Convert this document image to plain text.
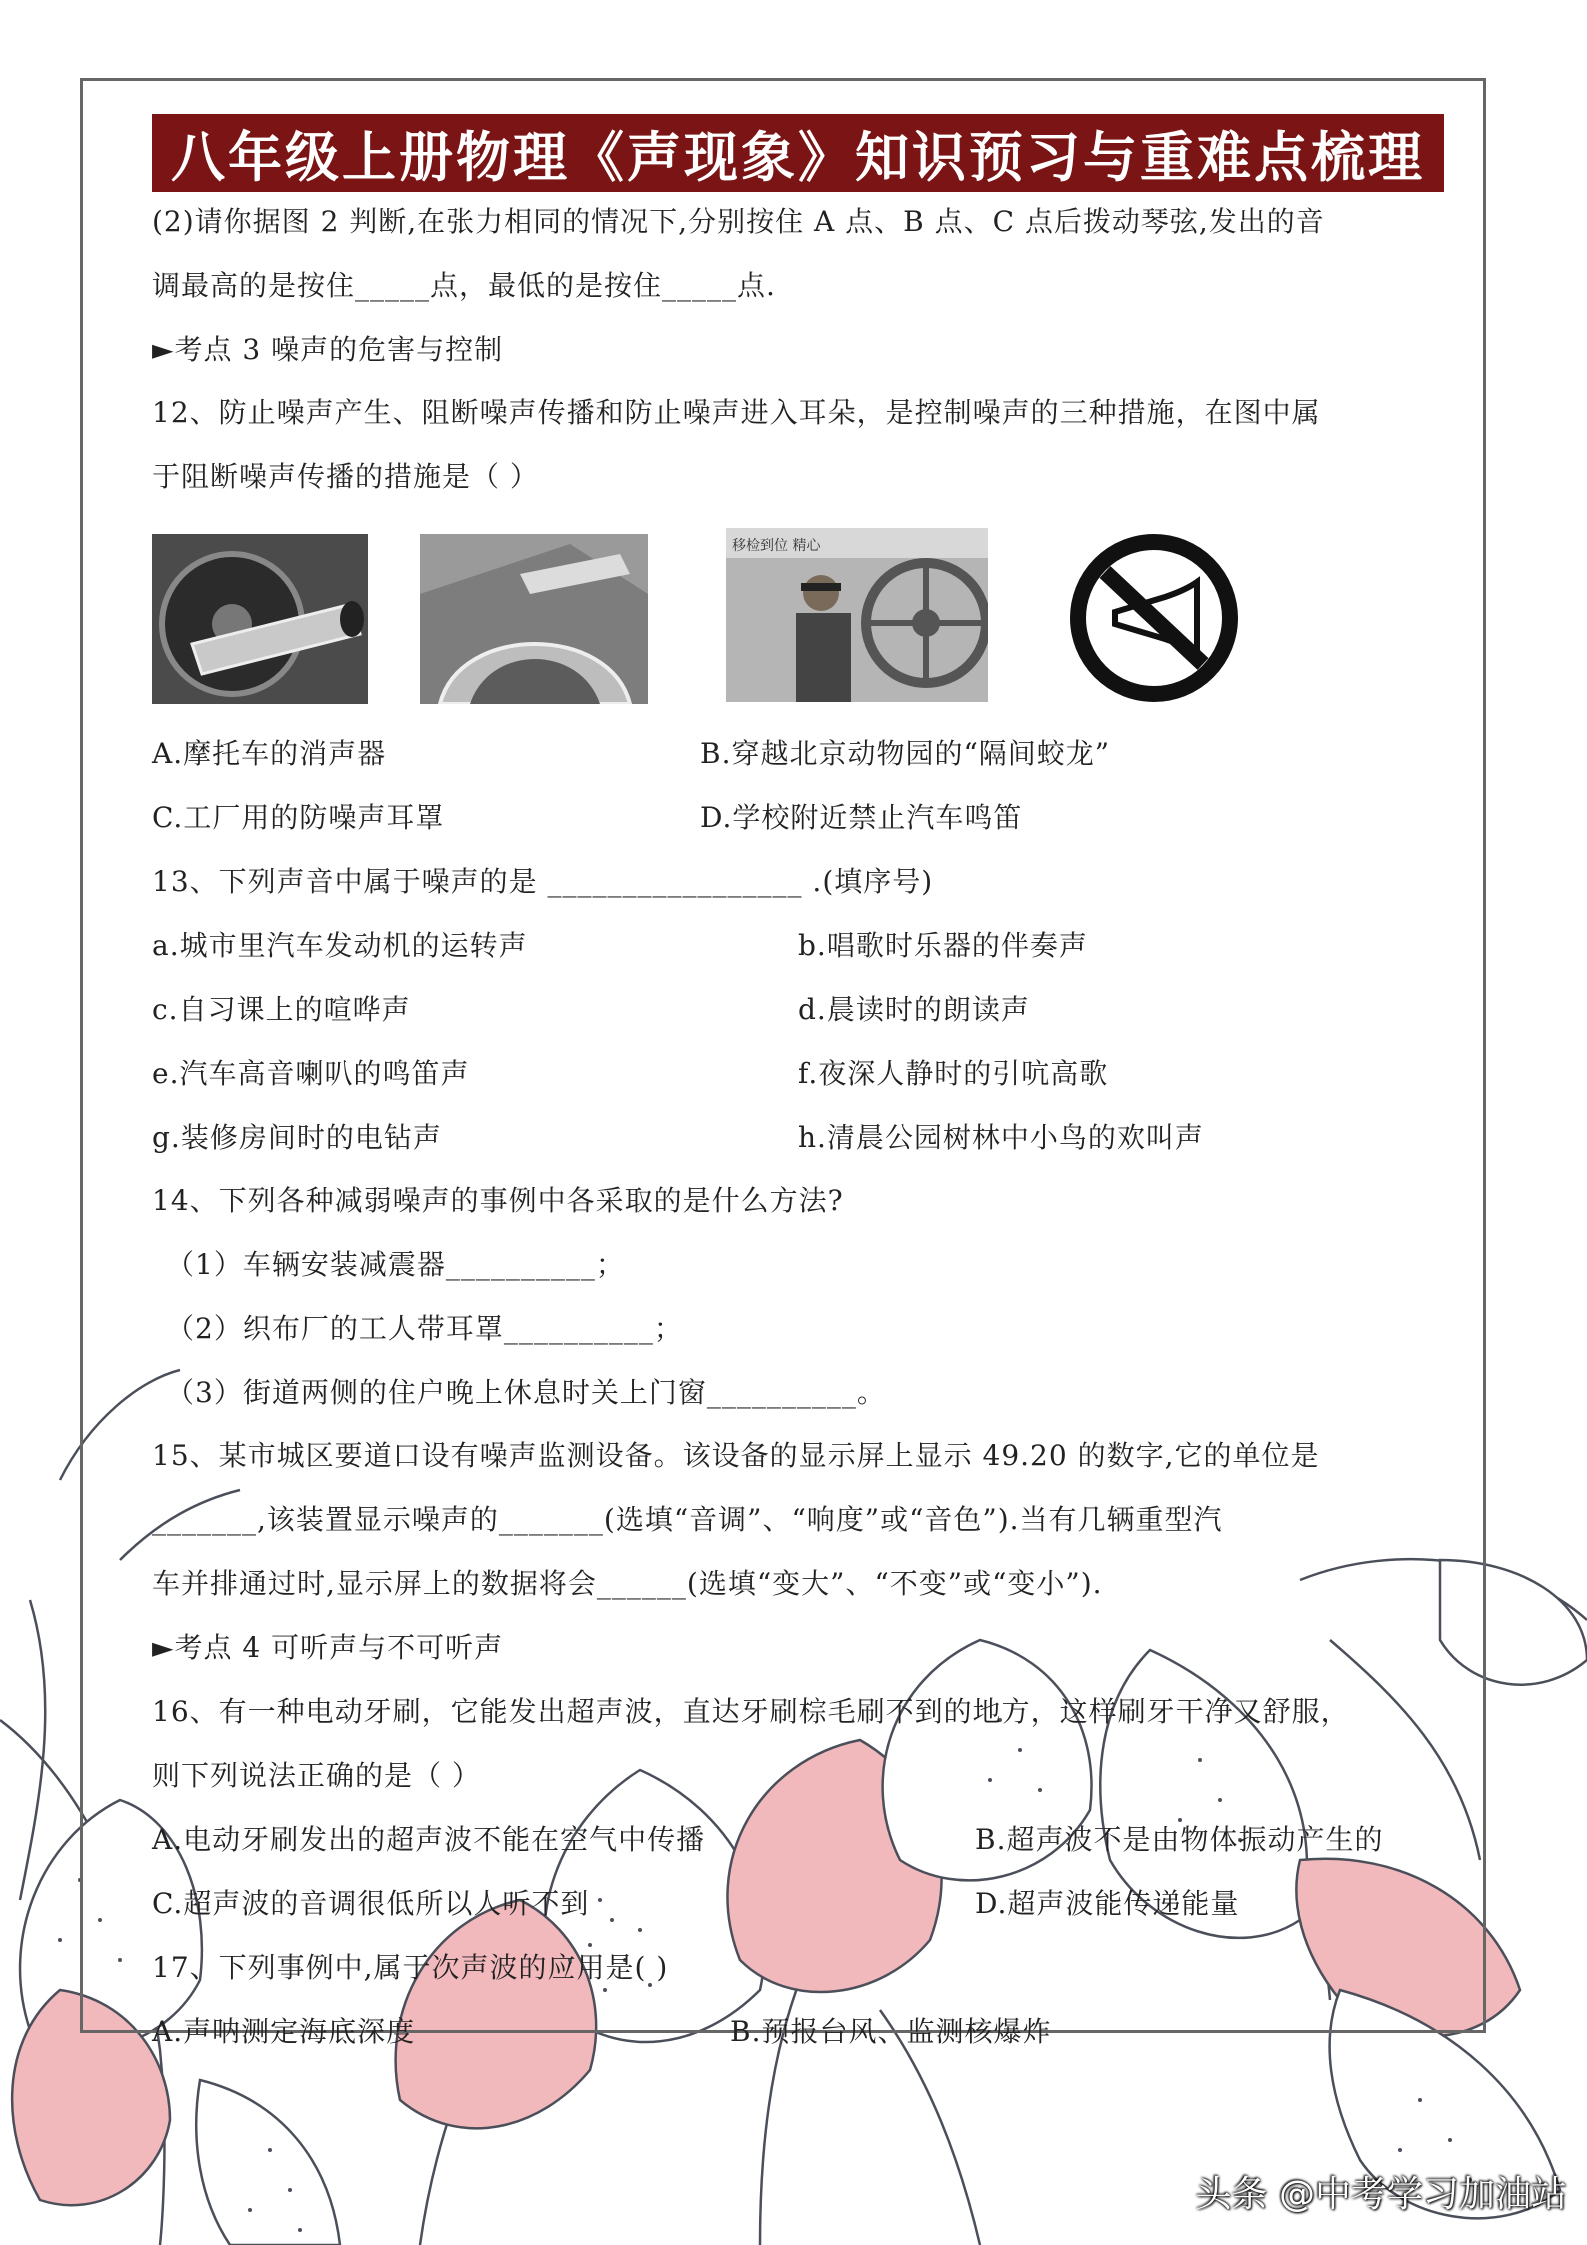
八年级上册物理《声现象》知识预习与重难点梳理
(2)请你据图 2 判断,在张力相同的情况下,分别按住 A 点、B 点、C 点后拨动琴弦,发出的音
调最高的是按住_____点，最低的是按住_____点.
►考点 3 噪声的危害与控制
12、防止噪声产生、阻断噪声传播和防止噪声进入耳朵，是控制噪声的三种措施，在图中属
于阻断噪声传播的措施是（ ）
移检到位 精心
A.摩托车的消声器	B.穿越北京动物园的“隔间蛟龙”
C.工厂用的防噪声耳罩	D.学校附近禁止汽车鸣笛
13、下列声音中属于噪声的是 _________________ .(填序号)
a.城市里汽车发动机的运转声	b.唱歌时乐器的伴奏声
c.自习课上的喧哗声	d.晨读时的朗读声
e.汽车高音喇叭的鸣笛声	f.夜深人静时的引吭高歌
g.装修房间时的电钻声	h.清晨公园树林中小鸟的欢叫声
14、下列各种减弱噪声的事例中各采取的是什么方法?
（1）车辆安装减震器__________；
（2）织布厂的工人带耳罩__________；
（3）街道两侧的住户晚上休息时关上门窗__________。
15、某市城区要道口设有噪声监测设备。该设备的显示屏上显示 49.20 的数字,它的单位是
_______,该装置显示噪声的_______(选填“音调”、“响度”或“音色”).当有几辆重型汽
车并排通过时,显示屏上的数据将会______(选填“变大”、“不变”或“变小”).
►考点 4 可听声与不可听声
16、有一种电动牙刷，它能发出超声波，直达牙刷棕毛刷不到的地方，这样刷牙干净又舒服，
则下列说法正确的是（ ）
A.电动牙刷发出的超声波不能在空气中传播	B.超声波不是由物体振动产生的
C.超声波的音调很低所以人听不到	D.超声波能传递能量
17、下列事例中,属于次声波的应用是( )
A.声呐测定海底深度	B.预报台风、监测核爆炸
头条 @中考学习加油站
